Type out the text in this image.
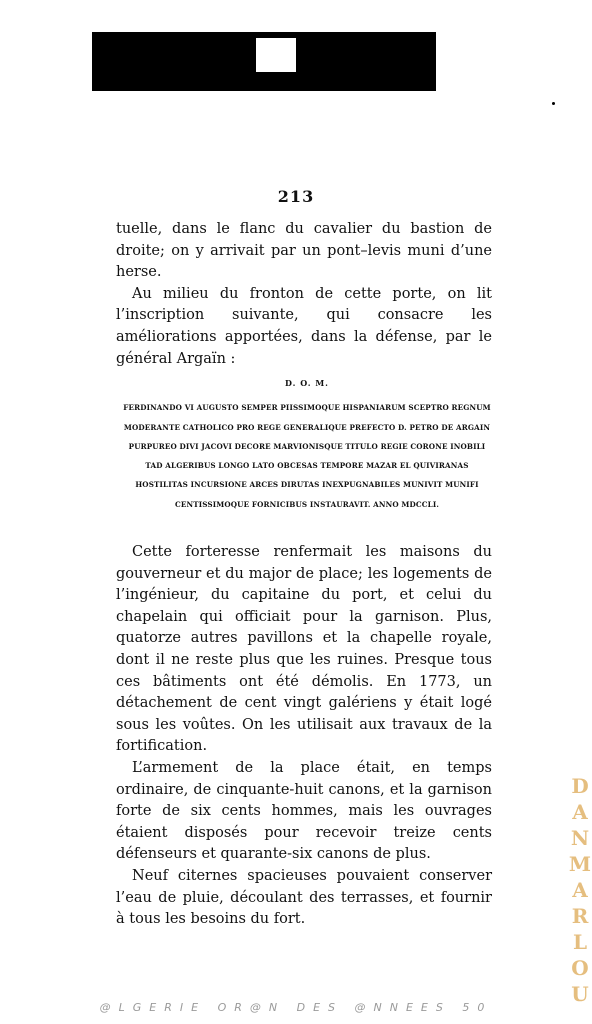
213

tuelle, dans le flanc du cavalier du bastion de droite; on y arrivait par un pont–levis muni d’une herse.

Au milieu du fronton de cette porte, on lit l’inscription suivante, qui consacre les améliorations apportées, dans la défense, par le général Argaïn :

D. O. M.
FERDINANDO VI AUGUSTO SEMPER PIISSIMOQUE HISPANIARUM SCEPTRO REGNUM
MODERANTE CATHOLICO PRO REGE GENERALIQUE PREFECTO D. PETRO DE ARGAIN
PURPUREO DIVI JACOVI DECORE MARVIONISQUE TITULO REGIE CORONE INOBILI
TAD ALGERIBUS LONGO LATO OBCESAS TEMPORE MAZAR EL QUIVIRANAS
HOSTILITAS INCURSIONE ARCES DIRUTAS INEXPUGNABILES MUNIVIT MUNIFI
CENTISSIMOQUE FORNICIBUS INSTAURAVIT. ANNO MDCCLI.

Cette forteresse renfermait les maisons du gouverneur et du major de place; les logements de l’ingénieur, du capitaine du port, et celui du chapelain qui officiait pour la garnison. Plus, quatorze autres pavillons et la chapelle royale, dont il ne reste plus que les ruines. Presque tous ces bâtiments ont été démolis. En 1773, un détachement de cent vingt galériens y était logé sous les voûtes. On les utilisait aux travaux de la fortification.

L’armement de la place était, en temps ordinaire, de cinquante-huit canons, et la garnison forte de six cents hommes, mais les ouvrages étaient disposés pour recevoir treize cents défenseurs et quarante-six canons de plus.

Neuf citernes spacieuses pouvaient conserver l’eau de pluie, découlant des terrasses, et fournir à tous les besoins du fort.	DANMARLOU
@LGERIE OR@N DES @NNEES 50
